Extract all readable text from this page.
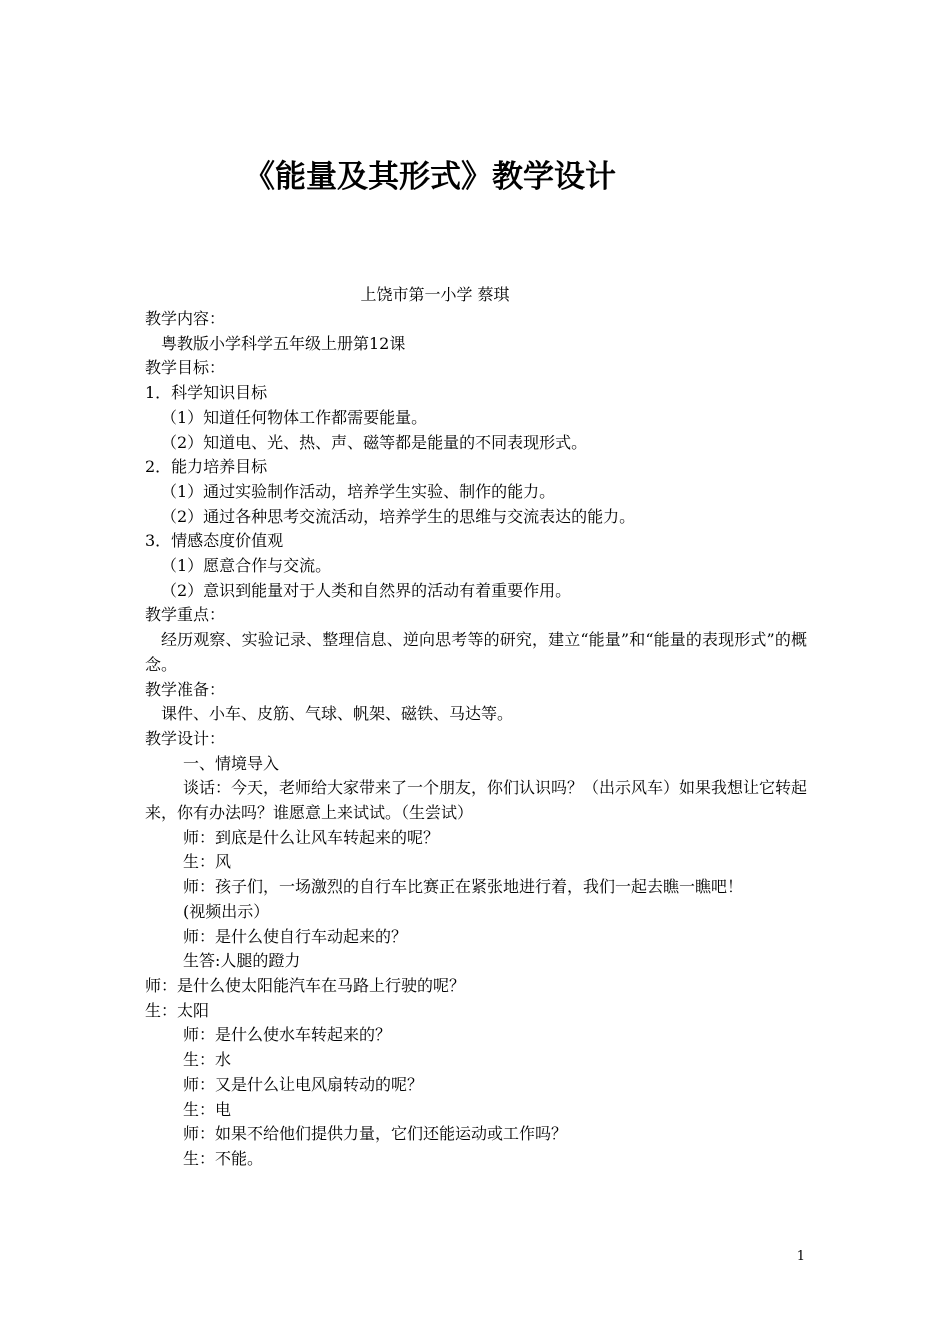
《能量及其形式》教学设计
上饶市第一小学 蔡琪

教学内容：

粤教版小学科学五年级上册第12课

教学目标：

1．科学知识目标

（1）知道任何物体工作都需要能量。

（2）知道电、光、热、声、磁等都是能量的不同表现形式。

2．能力培养目标

（1）通过实验制作活动，培养学生实验、制作的能力。

（2）通过各种思考交流活动，培养学生的思维与交流表达的能力。

3．情感态度价值观

（1）愿意合作与交流。

（2）意识到能量对于人类和自然界的活动有着重要作用。

教学重点：

经历观察、实验记录、整理信息、逆向思考等的研究，建立“能量”和“能量的表现形式”的概念。

教学准备：

课件、小车、皮筋、气球、帆架、磁铁、马达等。

教学设计：

一、情境导入

谈话：今天，老师给大家带来了一个朋友，你们认识吗？（出示风车）如果我想让它转起来，你有办法吗？谁愿意上来试试。（生尝试）

师：到底是什么让风车转起来的呢？

生：风

师：孩子们，一场激烈的自行车比赛正在紧张地进行着，我们一起去瞧一瞧吧！

(视频出示）

师：是什么使自行车动起来的？

生答:人腿的蹬力

师：是什么使太阳能汽车在马路上行驶的呢？

生：太阳

师：是什么使水车转起来的？

生：水

师：又是什么让电风扇转动的呢？

生：电

师：如果不给他们提供力量，它们还能运动或工作吗？

生：不能。

1
